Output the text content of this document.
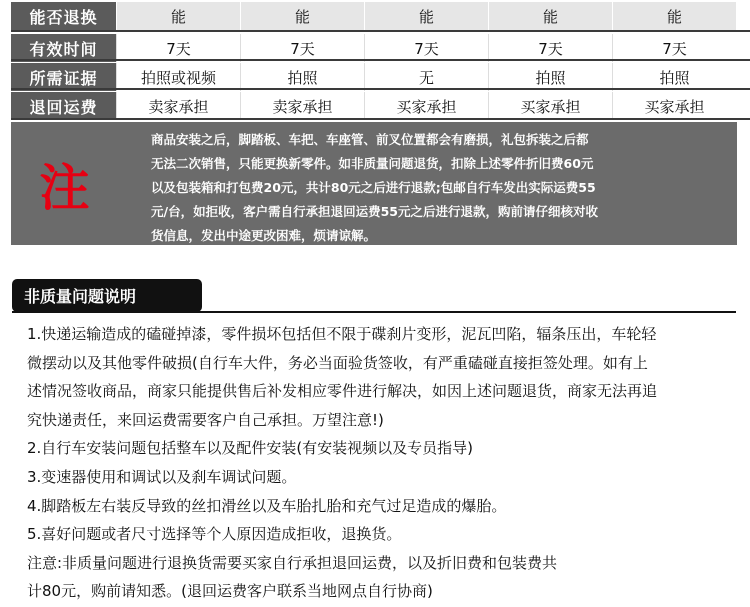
能否退换	能	能	能	能	能
有效时间	7天	7天	7天	7天	7天
所需证据	拍照或视频	拍照	无	拍照	拍照
退回运费	卖家承担	卖家承担	买家承担	买家承担	买家承担
注
商品安装之后，脚踏板、车把、车座管、前叉位置都会有磨损，礼包拆装之后都
无法二次销售，只能更换新零件。如非质量问题退货，扣除上述零件折旧费60元
以及包装箱和打包费20元，共计80元之后进行退款;包邮自行车发出实际运费55
元/台，如拒收，客户需自行承担退回运费55元之后进行退款，购前请仔细核对收
货信息，发出中途更改困难，烦请谅解。
非质量问题说明
1.快递运输造成的磕碰掉漆，零件损坏包括但不限于碟刹片变形，泥瓦凹陷，辐条压出，车轮轻
微摆动以及其他零件破损(自行车大件，务必当面验货签收，有严重磕碰直接拒签处理。如有上
述情况签收商品，商家只能提供售后补发相应零件进行解决，如因上述问题退货，商家无法再追
究快递责任，来回运费需要客户自己承担。万望注意!)
2.自行车安装问题包括整车以及配件安装(有安装视频以及专员指导)
3.变速器使用和调试以及刹车调试问题。
4.脚踏板左右装反导致的丝扣滑丝以及车胎扎胎和充气过足造成的爆胎。
5.喜好问题或者尺寸选择等个人原因造成拒收，退换货。
注意:非质量问题进行退换货需要买家自行承担退回运费，以及折旧费和包装费共
计80元，购前请知悉。(退回运费客户联系当地网点自行协商)
